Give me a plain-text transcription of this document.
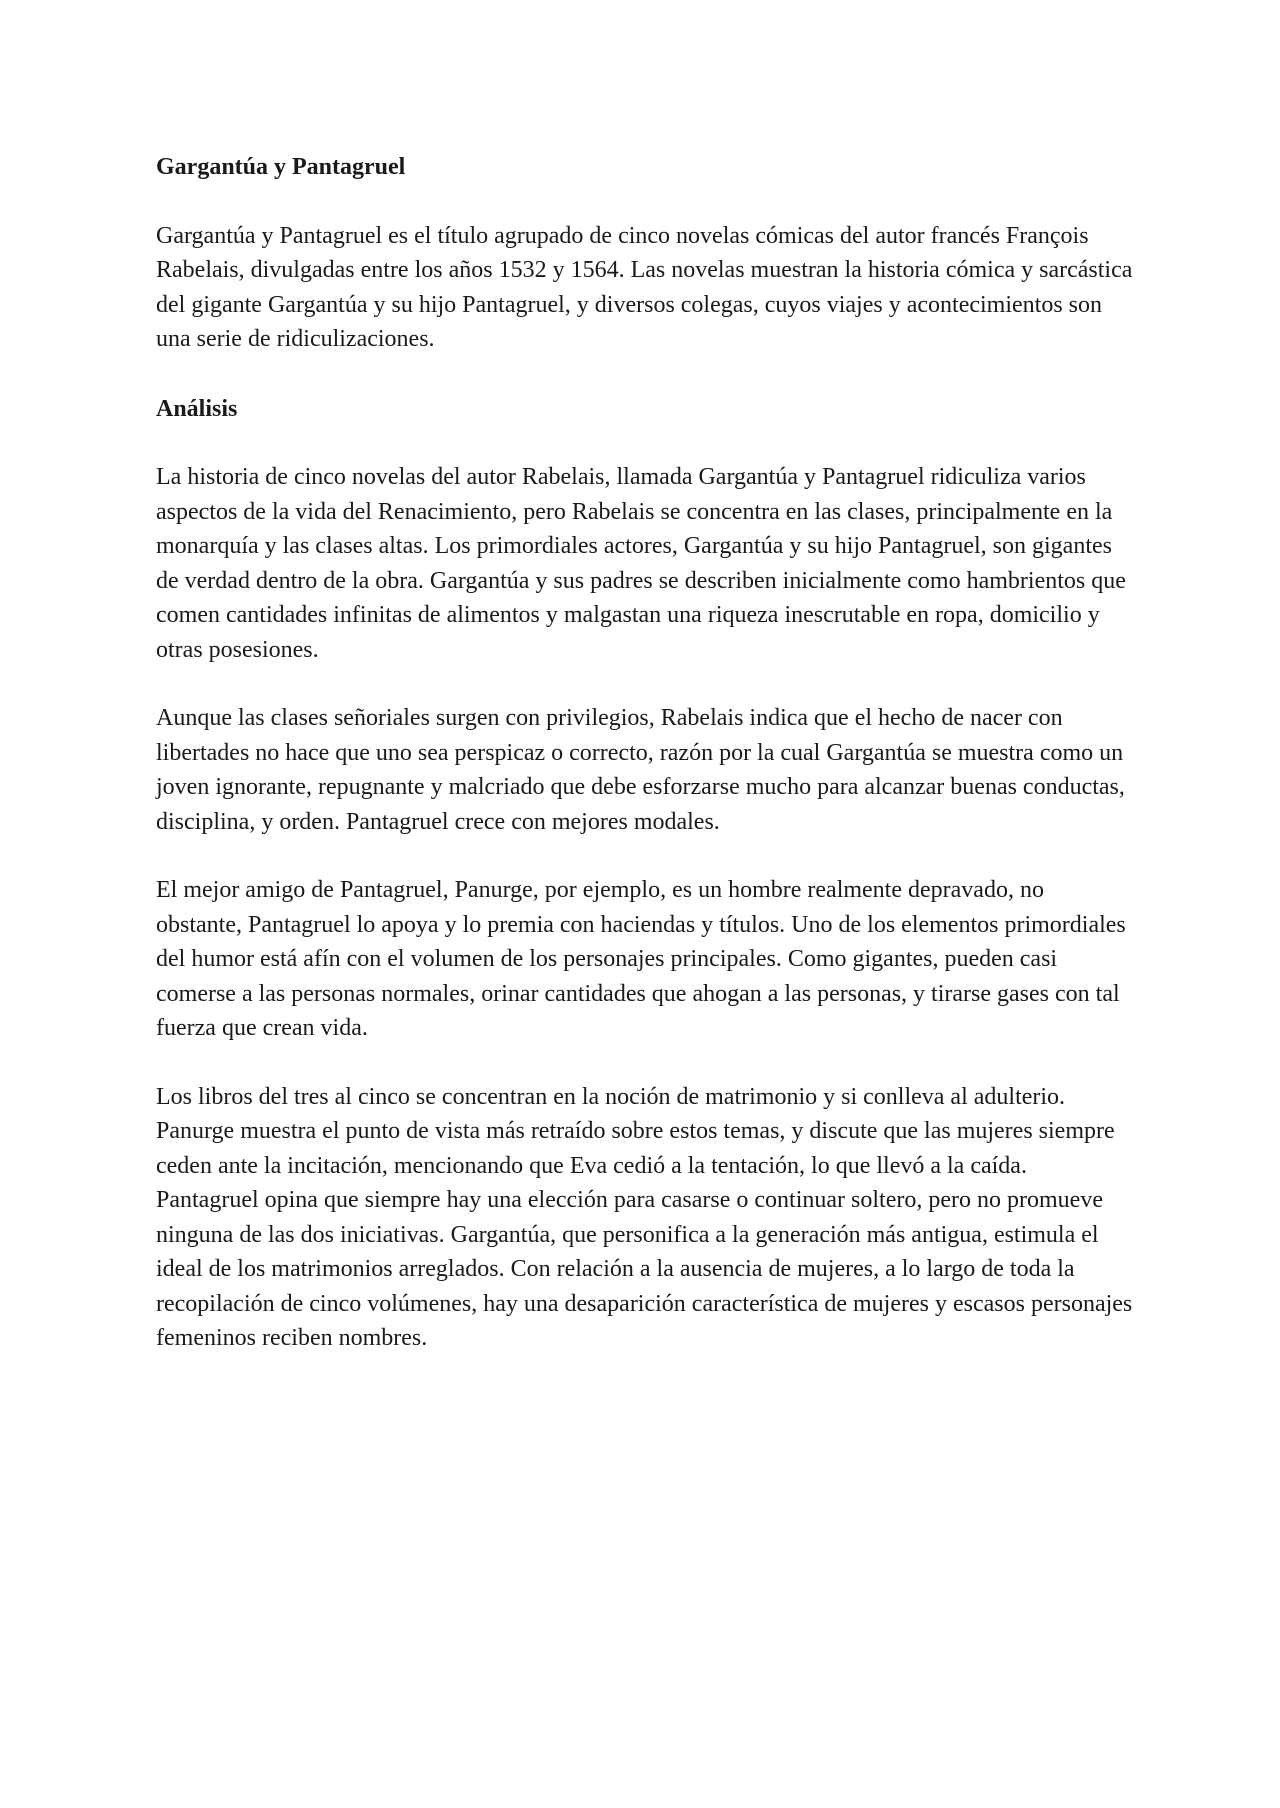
Gargantúa y Pantagruel

Gargantúa y Pantagruel es el título agrupado de cinco novelas cómicas del autor francés François Rabelais, divulgadas entre los años 1532 y 1564. Las novelas muestran la historia cómica y sarcástica del gigante Gargantúa y su hijo Pantagruel, y diversos colegas, cuyos viajes y acontecimientos son una serie de ridiculizaciones.

Análisis

La historia de cinco novelas del autor Rabelais, llamada Gargantúa y Pantagruel ridiculiza varios aspectos de la vida del Renacimiento, pero Rabelais se concentra en las clases, principalmente en la monarquía y las clases altas. Los primordiales actores, Gargantúa y su hijo Pantagruel, son gigantes de verdad dentro de la obra. Gargantúa y sus padres se describen inicialmente como hambrientos que comen cantidades infinitas de alimentos y malgastan una riqueza inescrutable en ropa, domicilio y otras posesiones.

Aunque las clases señoriales surgen con privilegios, Rabelais indica que el hecho de nacer con libertades no hace que uno sea perspicaz o correcto, razón por la cual Gargantúa se muestra como un joven ignorante, repugnante y malcriado que debe esforzarse mucho para alcanzar buenas conductas, disciplina, y orden. Pantagruel crece con mejores modales.

El mejor amigo de Pantagruel, Panurge, por ejemplo, es un hombre realmente depravado, no obstante, Pantagruel lo apoya y lo premia con haciendas y títulos. Uno de los elementos primordiales del humor está afín con el volumen de los personajes principales. Como gigantes, pueden casi comerse a las personas normales, orinar cantidades que ahogan a las personas, y tirarse gases con tal fuerza que crean vida.

Los libros del tres al cinco se concentran en la noción de matrimonio y si conlleva al adulterio. Panurge muestra el punto de vista más retraído sobre estos temas, y discute que las mujeres siempre ceden ante la incitación, mencionando que Eva cedió a la tentación, lo que llevó a la caída. Pantagruel opina que siempre hay una elección para casarse o continuar soltero, pero no promueve ninguna de las dos iniciativas. Gargantúa, que personifica a la generación más antigua, estimula el ideal de los matrimonios arreglados. Con relación a la ausencia de mujeres, a lo largo de toda la recopilación de cinco volúmenes, hay una desaparición característica de mujeres y escasos personajes femeninos reciben nombres.
